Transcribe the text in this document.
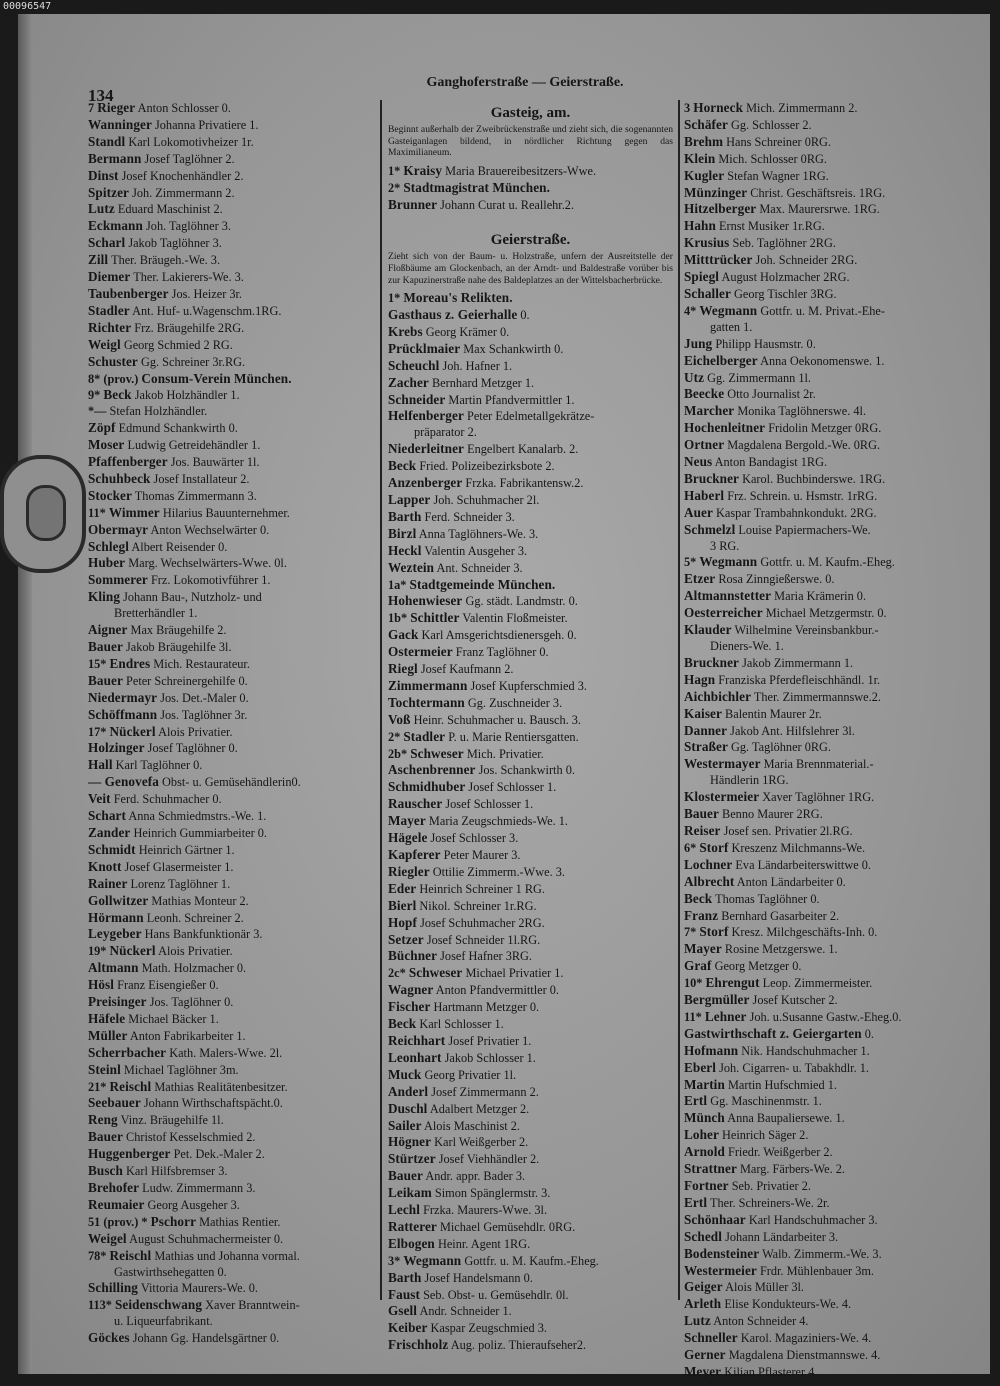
00096547
134
Ganghoferstraße — Geierstraße.
7 Rieger Anton Schlosser 0.
Wanninger Johanna Privatiere 1.
Standl Karl Lokomotivheizer 1r.
Bermann Josef Taglöhner 2.
Dinst Josef Knochenhändler 2.
Spitzer Joh. Zimmermann 2.
Lutz Eduard Maschinist 2.
Eckmann Joh. Taglöhner 3.
Scharl Jakob Taglöhner 3.
Zill Ther. Bräugeh.-We. 3.
Diemer Ther. Lakierers-We. 3.
Taubenberger Jos. Heizer 3r.
Stadler Ant. Huf- u.Wagenschm.1RG.
Richter Frz. Bräugehilfe 2RG.
Weigl Georg Schmied 2 RG.
Schuster Gg. Schreiner 3r.RG.
8* (prov.) Consum-Verein München.
9* Beck Jakob Holzhändler 1.
*— Stefan Holzhändler.
Zöpf Edmund Schankwirth 0.
Moser Ludwig Getreidehändler 1.
Pfaffenberger Jos. Bauwärter 1l.
Schuhbeck Josef Installateur 2.
Stocker Thomas Zimmermann 3.
11* Wimmer Hilarius Bauunternehmer.
Obermayr Anton Wechselwärter 0.
Schlegl Albert Reisender 0.
Huber Marg. Wechselwärters-Wwe. 0l.
Sommerer Frz. Lokomotivführer 1.
Kling Johann Bau-, Nutzholz- und
Bretterhändler 1.
Aigner Max Bräugehilfe 2.
Bauer Jakob Bräugehilfe 3l.
15* Endres Mich. Restaurateur.
Bauer Peter Schreinergehilfe 0.
Niedermayr Jos. Det.-Maler 0.
Schöffmann Jos. Taglöhner 3r.
17* Nückerl Alois Privatier.
Holzinger Josef Taglöhner 0.
Hall Karl Taglöhner 0.
— Genovefa Obst- u. Gemüsehändlerin0.
Veit Ferd. Schuhmacher 0.
Schart Anna Schmiedmstrs.-We. 1.
Zander Heinrich Gummiarbeiter 0.
Schmidt Heinrich Gärtner 1.
Knott Josef Glasermeister 1.
Rainer Lorenz Taglöhner 1.
Gollwitzer Mathias Monteur 2.
Hörmann Leonh. Schreiner 2.
Leygeber Hans Bankfunktionär 3.
19* Nückerl Alois Privatier.
Altmann Math. Holzmacher 0.
Hösl Franz Eisengießer 0.
Preisinger Jos. Taglöhner 0.
Häfele Michael Bäcker 1.
Müller Anton Fabrikarbeiter 1.
Scherrbacher Kath. Malers-Wwe. 2l.
Steinl Michael Taglöhner 3m.
21* Reischl Mathias Realitätenbesitzer.
Seebauer Johann Wirthschaftspächt.0.
Reng Vinz. Bräugehilfe 1l.
Bauer Christof Kesselschmied 2.
Huggenberger Pet. Dek.-Maler 2.
Busch Karl Hilfsbremser 3.
Brehofer Ludw. Zimmermann 3.
Reumaier Georg Ausgeher 3.
51 (prov.) * Pschorr Mathias Rentier.
Weigel August Schuhmachermeister 0.
78* Reischl Mathias und Johanna vormal.
Gastwirthsehegatten 0.
Schilling Vittoria Maurers-We. 0.
113* Seidenschwang Xaver Branntwein-
u. Liqueurfabrikant.
Göckes Johann Gg. Handelsgärtner 0.
Gasteig, am.
Beginnt außerhalb der Zweibrückenstraße und zieht sich, die sogenannten Gasteiganlagen bildend, in nördlicher Richtung gegen das Maximilianeum.
1* Kraisy Maria Brauereibesitzers-Wwe.
2* Stadtmagistrat München.
Brunner Johann Curat u. Reallehr.2.
Geierstraße.
Zieht sich von der Baum- u. Holzstraße, unfern der Ausreitstelle der Floßbäume am Glockenbach, an der Arndt- und Baldestraße vorüber bis zur Kapuzinerstraße nahe des Baldeplatzes an der Wittelsbacherbrücke.
1* Moreau's Relikten.
Gasthaus z. Geierhalle 0.
Krebs Georg Krämer 0.
Prücklmaier Max Schankwirth 0.
Scheuchl Joh. Hafner 1.
Zacher Bernhard Metzger 1.
Schneider Martin Pfandvermittler 1.
Helfenberger Peter Edelmetallgekrätze-
präparator 2.
Niederleitner Engelbert Kanalarb. 2.
Beck Fried. Polizeibezirksbote 2.
Anzenberger Frzka. Fabrikantensw.2.
Lapper Joh. Schuhmacher 2l.
Barth Ferd. Schneider 3.
Birzl Anna Taglöhners-We. 3.
Heckl Valentin Ausgeher 3.
Weztein Ant. Schneider 3.
1a* Stadtgemeinde München.
Hohenwieser Gg. städt. Landmstr. 0.
1b* Schittler Valentin Floßmeister.
Gack Karl Amsgerichtsdienersgeh. 0.
Ostermeier Franz Taglöhner 0.
Riegl Josef Kaufmann 2.
Zimmermann Josef Kupferschmied 3.
Tochtermann Gg. Zuschneider 3.
Voß Heinr. Schuhmacher u. Bausch. 3.
2* Stadler P. u. Marie Rentiersgatten.
2b* Schweser Mich. Privatier.
Aschenbrenner Jos. Schankwirth 0.
Schmidhuber Josef Schlosser 1.
Rauscher Josef Schlosser 1.
Mayer Maria Zeugschmieds-We. 1.
Hägele Josef Schlosser 3.
Kapferer Peter Maurer 3.
Riegler Ottilie Zimmerm.-Wwe. 3.
Eder Heinrich Schreiner 1 RG.
Bierl Nikol. Schreiner 1r.RG.
Hopf Josef Schuhmacher 2RG.
Setzer Josef Schneider 1l.RG.
Büchner Josef Hafner 3RG.
2c* Schweser Michael Privatier 1.
Wagner Anton Pfandvermittler 0.
Fischer Hartmann Metzger 0.
Beck Karl Schlosser 1.
Reichhart Josef Privatier 1.
Leonhart Jakob Schlosser 1.
Muck Georg Privatier 1l.
Anderl Josef Zimmermann 2.
Duschl Adalbert Metzger 2.
Sailer Alois Maschinist 2.
Högner Karl Weißgerber 2.
Stürtzer Josef Viehhändler 2.
Bauer Andr. appr. Bader 3.
Leikam Simon Spänglermstr. 3.
Lechl Frzka. Maurers-Wwe. 3l.
Ratterer Michael Gemüsehdlr. 0RG.
Elbogen Heinr. Agent 1RG.
3* Wegmann Gottfr. u. M. Kaufm.-Eheg.
Barth Josef Handelsmann 0.
Faust Seb. Obst- u. Gemüsehdlr. 0l.
Gsell Andr. Schneider 1.
Keiber Kaspar Zeugschmied 3.
Frischholz Aug. poliz. Thieraufseher2.
3 Horneck Mich. Zimmermann 2.
Schäfer Gg. Schlosser 2.
Brehm Hans Schreiner 0RG.
Klein Mich. Schlosser 0RG.
Kugler Stefan Wagner 1RG.
Münzinger Christ. Geschäftsreis. 1RG.
Hitzelberger Max. Maurersrwe. 1RG.
Hahn Ernst Musiker 1r.RG.
Krusius Seb. Taglöhner 2RG.
Mitttrücker Joh. Schneider 2RG.
Spiegl August Holzmacher 2RG.
Schaller Georg Tischler 3RG.
4* Wegmann Gottfr. u. M. Privat.-Ehe-
gatten 1.
Jung Philipp Hausmstr. 0.
Eichelberger Anna Oekonomenswe. 1.
Utz Gg. Zimmermann 1l.
Beecke Otto Journalist 2r.
Marcher Monika Taglöhnerswe. 4l.
Hochenleitner Fridolin Metzger 0RG.
Ortner Magdalena Bergold.-We. 0RG.
Neus Anton Bandagist 1RG.
Bruckner Karol. Buchbinderswe. 1RG.
Haberl Frz. Schrein. u. Hsmstr. 1rRG.
Auer Kaspar Trambahnkondukt. 2RG.
Schmelzl Louise Papiermachers-We.
3 RG.
5* Wegmann Gottfr. u. M. Kaufm.-Eheg.
Etzer Rosa Zinngießerswe. 0.
Altmannstetter Maria Krämerin 0.
Oesterreicher Michael Metzgermstr. 0.
Klauder Wilhelmine Vereinsbankbur.-
Dieners-We. 1.
Bruckner Jakob Zimmermann 1.
Hagn Franziska Pferdefleischhändl. 1r.
Aichbichler Ther. Zimmermannswe.2.
Kaiser Balentin Maurer 2r.
Danner Jakob Ant. Hilfslehrer 3l.
Straßer Gg. Taglöhner 0RG.
Westermayer Maria Brennmaterial.-
Händlerin 1RG.
Klostermeier Xaver Taglöhner 1RG.
Bauer Benno Maurer 2RG.
Reiser Josef sen. Privatier 2l.RG.
6* Storf Kreszenz Milchmanns-We.
Lochner Eva Ländarbeiterswittwe 0.
Albrecht Anton Ländarbeiter 0.
Beck Thomas Taglöhner 0.
Franz Bernhard Gasarbeiter 2.
7* Storf Kresz. Milchgeschäfts-Inh. 0.
Mayer Rosine Metzgerswe. 1.
Graf Georg Metzger 0.
10* Ehrengut Leop. Zimmermeister.
Bergmüller Josef Kutscher 2.
11* Lehner Joh. u.Susanne Gastw.-Eheg.0.
Gastwirthschaft z. Geiergarten 0.
Hofmann Nik. Handschuhmacher 1.
Eberl Joh. Cigarren- u. Tabakhdlr. 1.
Martin Martin Hufschmied 1.
Ertl Gg. Maschinenmstr. 1.
Münch Anna Baupaliersewe. 1.
Loher Heinrich Säger 2.
Arnold Friedr. Weißgerber 2.
Strattner Marg. Färbers-We. 2.
Fortner Seb. Privatier 2.
Ertl Ther. Schreiners-We. 2r.
Schönhaar Karl Handschuhmacher 3.
Schedl Johann Ländarbeiter 3.
Bodensteiner Walb. Zimmerm.-We. 3.
Westermeier Frdr. Mühlenbauer 3m.
Geiger Alois Müller 3l.
Arleth Elise Kondukteurs-We. 4.
Lutz Anton Schneider 4.
Schneller Karol. Magaziniers-We. 4.
Gerner Magdalena Dienstmannswe. 4.
Meyer Kilian Pflasterer 4.
